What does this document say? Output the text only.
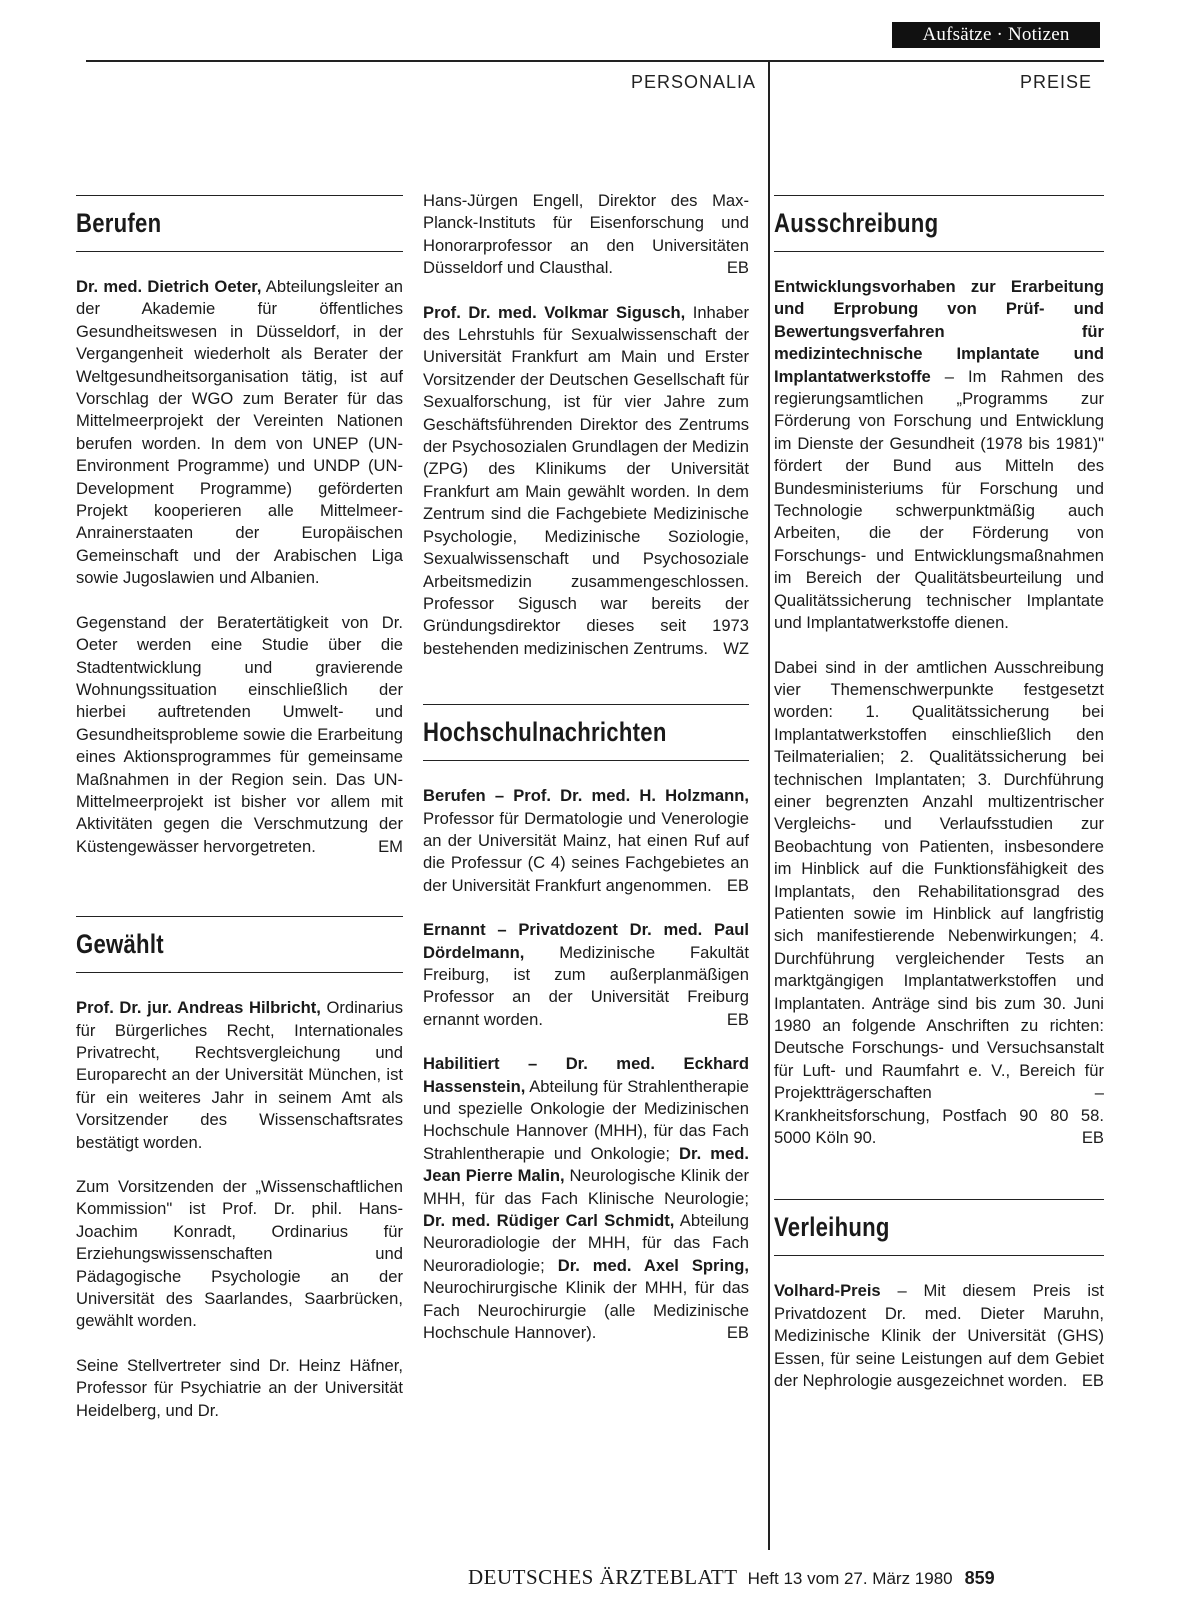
Aufsätze · Notizen
PERSONALIA	PREISE
Berufen

Dr. med. Dietrich Oeter, Abteilungsleiter an der Akademie für öffentliches Gesundheitswesen in Düsseldorf, in der Vergangenheit wiederholt als Berater der Weltgesundheitsorganisation tätig, ist auf Vorschlag der WGO zum Berater für das Mittelmeerprojekt der Vereinten Nationen berufen worden. In dem von UNEP (UN-Environment Programme) und UNDP (UN-Development Programme) geförderten Projekt kooperieren alle Mittelmeer-Anrainerstaaten der Europäischen Gemeinschaft und der Arabischen Liga sowie Jugoslawien und Albanien.

Gegenstand der Beratertätigkeit von Dr. Oeter werden eine Studie über die Stadtentwicklung und gravierende Wohnungssituation einschließlich der hierbei auftretenden Umwelt- und Gesundheitsprobleme sowie die Erarbeitung eines Aktionsprogrammes für gemeinsame Maßnahmen in der Region sein. Das UN-Mittelmeerprojekt ist bisher vor allem mit Aktivitäten gegen die Verschmutzung der Küstengewässer hervorgetreten.	EM

Gewählt

Prof. Dr. jur. Andreas Hilbricht, Ordinarius für Bürgerliches Recht, Internationales Privatrecht, Rechtsvergleichung und Europarecht an der Universität München, ist für ein weiteres Jahr in seinem Amt als Vorsitzender des Wissenschaftsrates bestätigt worden.

Zum Vorsitzenden der „Wissenschaftlichen Kommission" ist Prof. Dr. phil. Hans-Joachim Konradt, Ordinarius für Erziehungswissenschaften und Pädagogische Psychologie an der Universität des Saarlandes, Saarbrücken, gewählt worden.

Seine Stellvertreter sind Dr. Heinz Häfner, Professor für Psychiatrie an der Universität Heidelberg, und Dr.

Hans-Jürgen Engell, Direktor des Max-Planck-Instituts für Eisenforschung und Honorarprofessor an den Universitäten Düsseldorf und Clausthal.	EB

Prof. Dr. med. Volkmar Sigusch, Inhaber des Lehrstuhls für Sexualwissenschaft der Universität Frankfurt am Main und Erster Vorsitzender der Deutschen Gesellschaft für Sexualforschung, ist für vier Jahre zum Geschäftsführenden Direktor des Zentrums der Psychosozialen Grundlagen der Medizin (ZPG) des Klinikums der Universität Frankfurt am Main gewählt worden. In dem Zentrum sind die Fachgebiete Medizinische Psychologie, Medizinische Soziologie, Sexualwissenschaft und Psychosoziale Arbeitsmedizin zusammengeschlossen. Professor Sigusch war bereits der Gründungsdirektor dieses seit 1973 bestehenden medizinischen Zentrums. WZ

Hochschulnachrichten

Berufen – Prof. Dr. med. H. Holzmann, Professor für Dermatologie und Venerologie an der Universität Mainz, hat einen Ruf auf die Professur (C 4) seines Fachgebietes an der Universität Frankfurt angenommen. EB

Ernannt – Privatdozent Dr. med. Paul Dördelmann, Medizinische Fakultät Freiburg, ist zum außerplanmäßigen Professor an der Universität Freiburg ernannt worden.	EB

Habilitiert – Dr. med. Eckhard Hassenstein, Abteilung für Strahlentherapie und spezielle Onkologie der Medizinischen Hochschule Hannover (MHH), für das Fach Strahlentherapie und Onkologie; Dr. med. Jean Pierre Malin, Neurologische Klinik der MHH, für das Fach Klinische Neurologie; Dr. med. Rüdiger Carl Schmidt, Abteilung Neuroradiologie der MHH, für das Fach Neuroradiologie; Dr. med. Axel Spring, Neurochirurgische Klinik der MHH, für das Fach Neurochirurgie (alle Medizinische Hochschule Hannover).	EB

Ausschreibung

Entwicklungsvorhaben zur Erarbeitung und Erprobung von Prüf- und Bewertungsverfahren für medizintechnische Implantate und Implantatwerkstoffe – Im Rahmen des regierungsamtlichen „Programms zur Förderung von Forschung und Entwicklung im Dienste der Gesundheit (1978 bis 1981)" fördert der Bund aus Mitteln des Bundesministeriums für Forschung und Technologie schwerpunktmäßig auch Arbeiten, die der Förderung von Forschungs- und Entwicklungsmaßnahmen im Bereich der Qualitätsbeurteilung und Qualitätssicherung technischer Implantate und Implantatwerkstoffe dienen.

Dabei sind in der amtlichen Ausschreibung vier Themenschwerpunkte festgesetzt worden: 1. Qualitätssicherung bei Implantatwerkstoffen einschließlich den Teilmaterialien; 2. Qualitätssicherung bei technischen Implantaten; 3. Durchführung einer begrenzten Anzahl multizentrischer Vergleichs- und Verlaufsstudien zur Beobachtung von Patienten, insbesondere im Hinblick auf die Funktionsfähigkeit des Implantats, den Rehabilitationsgrad des Patienten sowie im Hinblick auf langfristig sich manifestierende Nebenwirkungen; 4. Durchführung vergleichender Tests an marktgängigen Implantatwerkstoffen und Implantaten. Anträge sind bis zum 30. Juni 1980 an folgende Anschriften zu richten: Deutsche Forschungs- und Versuchsanstalt für Luft- und Raumfahrt e. V., Bereich für Projektträgerschaften – Krankheitsforschung, Postfach 90 80 58. 5000 Köln 90.	EB

Verleihung

Volhard-Preis – Mit diesem Preis ist Privatdozent Dr. med. Dieter Maruhn, Medizinische Klinik der Universität (GHS) Essen, für seine Leistungen auf dem Gebiet der Nephrologie ausgezeichnet worden. EB

DEUTSCHES ÄRZTEBLATT Heft 13 vom 27. März 1980 859
